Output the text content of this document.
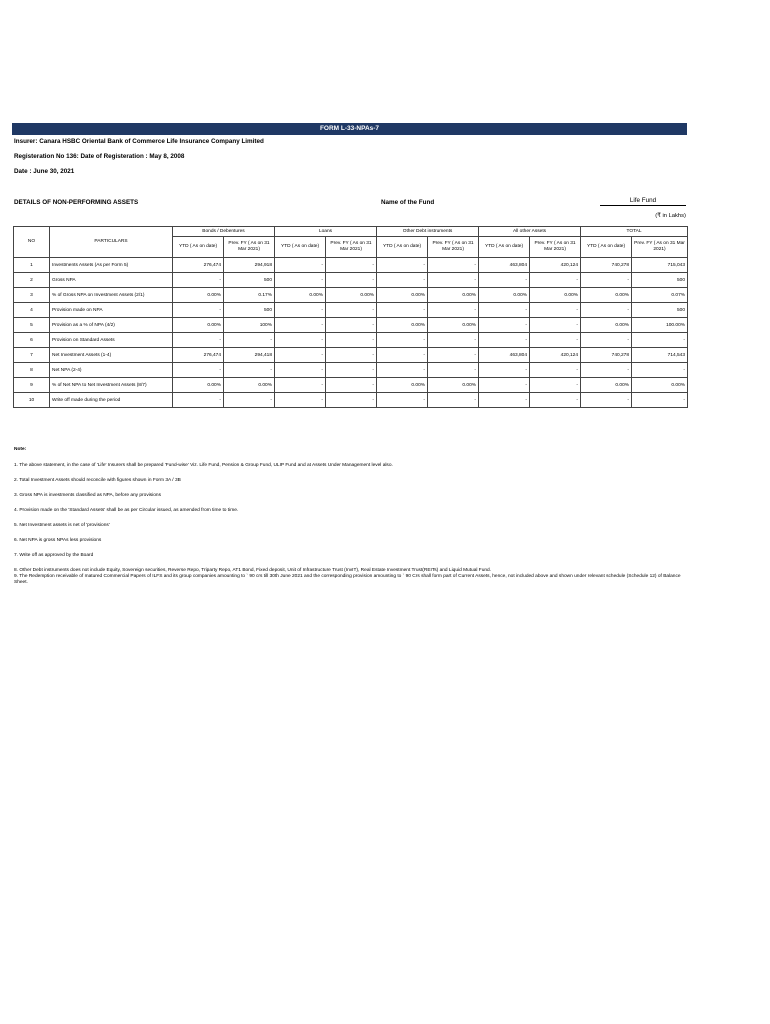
FORM L-33-NPAs-7
Insurer: Canara HSBC Oriental Bank of Commerce Life Insurance Company Limited
Registeration No 136: Date of Registeration : May 8, 2008
Date : June 30, 2021
DETAILS OF NON-PERFORMING ASSETS	Name of the Fund	Life Fund
(₹ in Lakhs)
NO	PARTICULARS	Bonds / Debentures		Loans		Other Debt instruments		All other Assets		TOTAL	
		YTD ( As on date)	Prev. FY ( As on 31 Mar 2021)	YTD ( As on date)	Prev. FY ( As on 31 Mar 2021)	YTD ( As on date)	Prev. FY ( As on 31 Mar 2021)	YTD ( As on date)	Prev. FY ( As on 31 Mar 2021)	YTD ( As on date)	Prev. FY ( As on 31 Mar 2021)
1	Investments Assets (As per Form 5)	276,474	294,918	-	-	-	-	463,804	420,124	740,278	715,043
2	Gross NPA	-	500	-	-	-	-	-	-	-	500
3	% of Gross NPA on Investment Assets (2/1)	0.00%	0.17%	0.00%	0.00%	0.00%	0.00%	0.00%	0.00%	0.00%	0.07%
4	Provision made on NPA	-	500	-	-	-	-	-	-	-	500
5	Provision as a % of NPA (4/2)	0.00%	100%	-	-	0.00%	0.00%	-	-	0.00%	100.00%
6	Provision on Standard Assets	-	-	-	-	-	-	-	-	-	-
7	Net Investment Assets (1-4)	276,474	294,418	-	-	-	-	463,804	420,124	740,278	714,543
8	Net NPA (2-4)	-	-	-	-	-	-	-	-	-	-
9	% of Net NPA to Net Investment Assets (8/7)	0.00%	0.00%	-	-	0.00%	0.00%	-	-	0.00%	0.00%
10	Write off made during the period	-	-	-	-	-	-	-	-	-	-
Note:
1. The above statement, in the case of 'Life' Insurers shall be prepared 'Fund-wise' Viz. Life Fund, Pension & Group Fund, ULIP Fund and at Assets Under Management level also.
2. Total Investment Assets should reconcile with figures shown in Form 3A / 3B
3. Gross NPA is investments classified as NPA, before any provisions
4. Provision made on the 'Standard Assets' shall be as per Circular issued, as amended from time to time.
5. Net Investment assets is net of 'provisions'
6. Net NPA is gross NPAs less provisions
7. Write off as approved by the Board
8. Other Debt instruments does not include Equity, Sovereign securities, Reverse Repo, Triparty Repo, AT1 Bond, Fixed deposit, Unit of Infrastructure Trust (InvIT), Real Estate Investment Trust(REITs) and Liquid Mutual Fund.
9. The Redemption receivable of matured Commercial Papers of ILFS and its group companies amounting to ` 90 crs till 30th June 2021 and the corresponding provision amounting to ` 90 Crs shall form part of Current Assets, hence, not included above and shown under relevant schedule (Schedule 12) of Balance Sheet.
